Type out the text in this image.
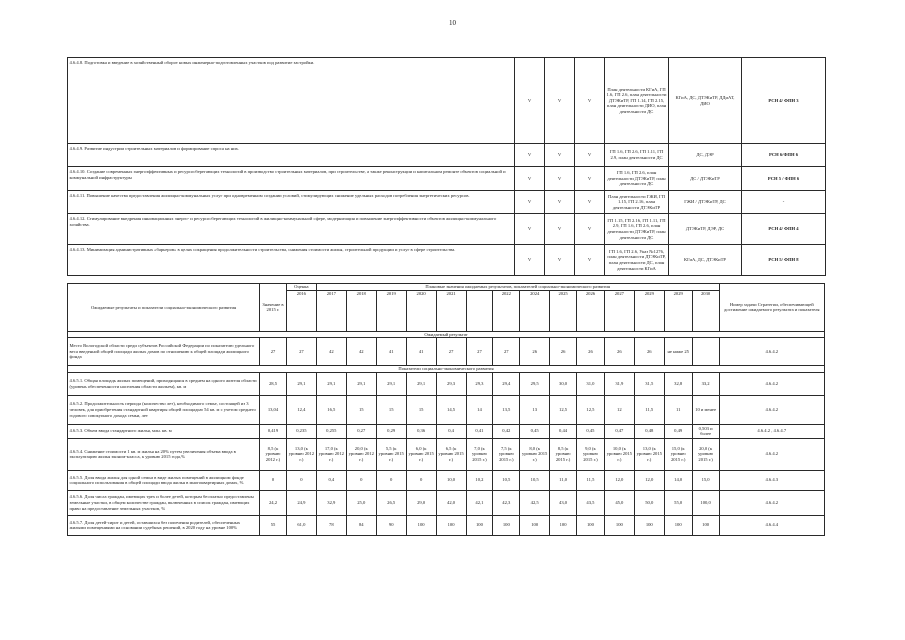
10
4.6.4.8. Подготовка и введение в хозяйственный оборот новых инженерно-подготовленных участков под развитие застройки.	V	V	V	План деятельности КГиА, ГП 1.6, ГП 2.6, план деятельности ДТЭКиТР, ГП 1.14, ГП 2.15, план деятельности ДИО, план деятельности ДС	КГиА, ДС, ДТЭКиТР, ДДиАТ, ДИО	РСН 4/ ФПН 3
4.6.4.9. Развитие индустрии строительных материалов и формирование спроса на них.	V	V	V	ГП 1.6, ГП 2.6, ГП 1.11, ГП 2.9, план деятельности ДС	ДС, ДЭР	РСН 6/ФПН 6
4.6.4.10. Создание современных энергоэффективных и ресурсосберегающих технологий в производство строительных материалов, при строительстве, а также реконструкции и капитальном ремонте объектов социальной и коммунальной инфраструктуры	V	V	V	ГП 1.6, ГП 2.6, план деятельности ДТЭКиТР, план деятельности ДС	ДС / ДТЭКиТР	РСН 5 / ФПН 6
4.6.4.11. Повышение качества предоставления жилищно-коммунальных услуг при одновременном создании условий, стимулирующих снижение удельных расходов потребления энергетических ресурсов.	V	V	V	План деятельности ГЖИ, ГП 1.15, ГП 2.16, план деятельности ДТЭКиТР	ГЖИ / ДТЭКиТР, ДС	-
4.6.4.12. Стимулирование внедрения инновационных энерго- и ресурсосберегающих технологий в жилищно-коммунальной сфере, модернизация и повышение энергоэффективности объектов жилищно-коммунального хозяйства.	V	V	V	ГП 1.15, ГП 2.16, ГП 1.11, ГП 2.9, ГП 1.6, ГП 2.6, план деятельности ДТЭКиТР, план деятельности ДС	ДТЭКиТР, ДЭР, ДС	РСН 4/ ФПН 4
4.6.4.13. Минимизация административных «барьеров» в целях сокращения продолжительности строительства, снижения стоимости жилья, строительной продукции и услуг в сфере строительства.	V	V	V	ГП 1.6, ГП 2.6, Указ №1276, план деятельности ДТЭКиТР, план деятельности ДС, план деятельности КГиА	КГиА, ДС, ДТЭКиТР	РСН 5/ ФПН 8
Ожидаемые результаты и показатели социально-экономического развития	Значение в 2015 г.	Оценка	Плановые значения ожидаемых результатов, показателей социально-экономического развития														Номер задачи Стратегии, обеспечивающей достижение ожидаемого результата и показателя
		2016	2017	2018	2019	2020	2021		2022	2024	2025	2026	2027	2029	2029	2030	
Ожидаемый результат																	
Место Вологодской области среди субъектов Российской Федерации по показателю удельного веса введенной общей площади жилых домов по отношению к общей площади жилищного фонда	27	27	42	42	41	41	27	27	27	26	26	26	26	26	не ниже 25		4.6.4.2
Показатели социально-экономического развития																	
4.6.5.1. Общая площадь жилых помещений, приходящаяся в среднем на одного жителя области (уровень обеспеченности населения области жильем), кв. м	28,5	29,1	29,1	29,1	29,1	29,1	29,3	29,3	29,4	29,5	30,0	31,0	31,9	31,5	32,8	33,2	4.6.4.2
4.6.5.2. Продолжительность периода (количество лет), необходимого семье, состоящей из 3 человек, для приобретения стандартной квартиры общей площадью 54 кв. м с учетом среднего годового совокупного дохода семьи, лет	13,04	12,4	16,5	15	15	15	14,5	14	13,5	13	12,5	12,5	12	11,5	11	10 и менее	4.6.4.2
4.6.5.3. Объем ввода стандартного жилья, млн. кв. м	0,419	0,235	0,255	0,27	0,29	0,36	0,4	0,41	0,42	0,45	0,44	0,45	0,47	0,48	0,49	0,503 и более	4.6.4.2 , 4.6.4.7
4.6.5.4. Снижение стоимости 1 кв. м жилья на 20% путем увеличения объема ввода в эксплуатацию жилья эконом-класса, к уровню 2015 года,%	8,5 (к уровню 2012 г.)	13,0 (к уровню 2012 г.)	17,0 (к уровню 2012 г.)	20,0 (к уровню 2012 г.)	5,5 (к уровню 2015 г.)	6,0 (к уровню 2015 г.)	6,5 (к уровню 2015 г.)	7,0 (к уровню 2015 г.)	7,5 (к уровню 2015 г.)	8,0 (к уровню 2015 г.)	8,5 (к уровню 2015 г.)	9,0 (к уровню 2015 г.)	10,0 (к уровню 2015 г.)	13,0 (к уровню 2015 г.)	15,0 (к уровню 2015 г.)	20,0 (к уровню 2015 г.)	4.6.4.2
4.6.5.5. Доля ввода жилья для одной семьи в виде жилых помещений в жилищном фонде социального использования в общей площади ввода жилья в многоквартирных домах, %	0	0	0,4	0	0	0	10,0	10,2	10,5	10,5	11,0	11,5	12,0	12,0	14,0	15,0	4.6.4.3
4.6.5.6. Доля числа граждан, имеющих трех и более детей, которым бесплатно предоставлены земельные участки, в общем количестве граждан, включенных в список граждан, имеющих право на предоставление земельных участков, %	24,2	24,9	32,9	25,0	26,5	29,0	42,0	42,1	42,3	42,5	43,0	43,5	45,0	50,0	55,0	100,0	4.6.4.2
4.6.5.7. Доля детей-сирот и детей, оставшихся без попечения родителей, обеспеченных жилыми помещениями на основании судебных решений, в 2020 году на уровне 100%	55	61,0	78	84	90	100	100	100	100	100	100	100	100	100	100	100	4.6.4.4
